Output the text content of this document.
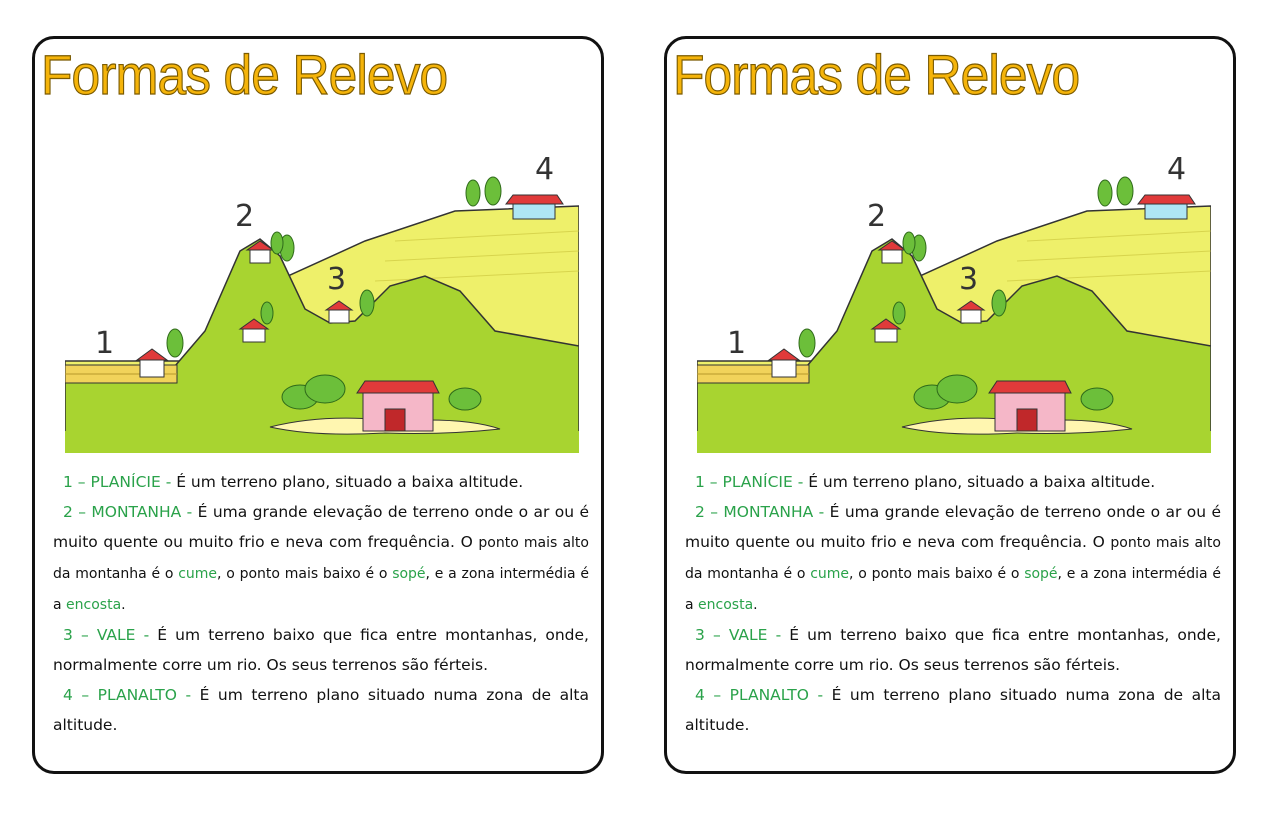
Formas de Relevo
1
2
3
4

1 – PLANÍCIE - É um terreno plano, situado a baixa altitude.

2 – MONTANHA - É uma grande elevação de terreno onde o ar ou é muito quente ou muito frio e neva com frequência. O ponto mais alto da montanha é o cume, o ponto mais baixo é o sopé, e a zona intermédia é a encosta.

3 – VALE - É um terreno baixo que fica entre montanhas, onde, normalmente corre um rio. Os seus terrenos são férteis.

4 – PLANALTO - É um terreno plano situado numa zona de alta altitude.

Formas de Relevo
1
2
3
4

1 – PLANÍCIE - É um terreno plano, situado a baixa altitude.

2 – MONTANHA - É uma grande elevação de terreno onde o ar ou é muito quente ou muito frio e neva com frequência. O ponto mais alto da montanha é o cume, o ponto mais baixo é o sopé, e a zona intermédia é a encosta.

3 – VALE - É um terreno baixo que fica entre montanhas, onde, normalmente corre um rio. Os seus terrenos são férteis.

4 – PLANALTO - É um terreno plano situado numa zona de alta altitude.
